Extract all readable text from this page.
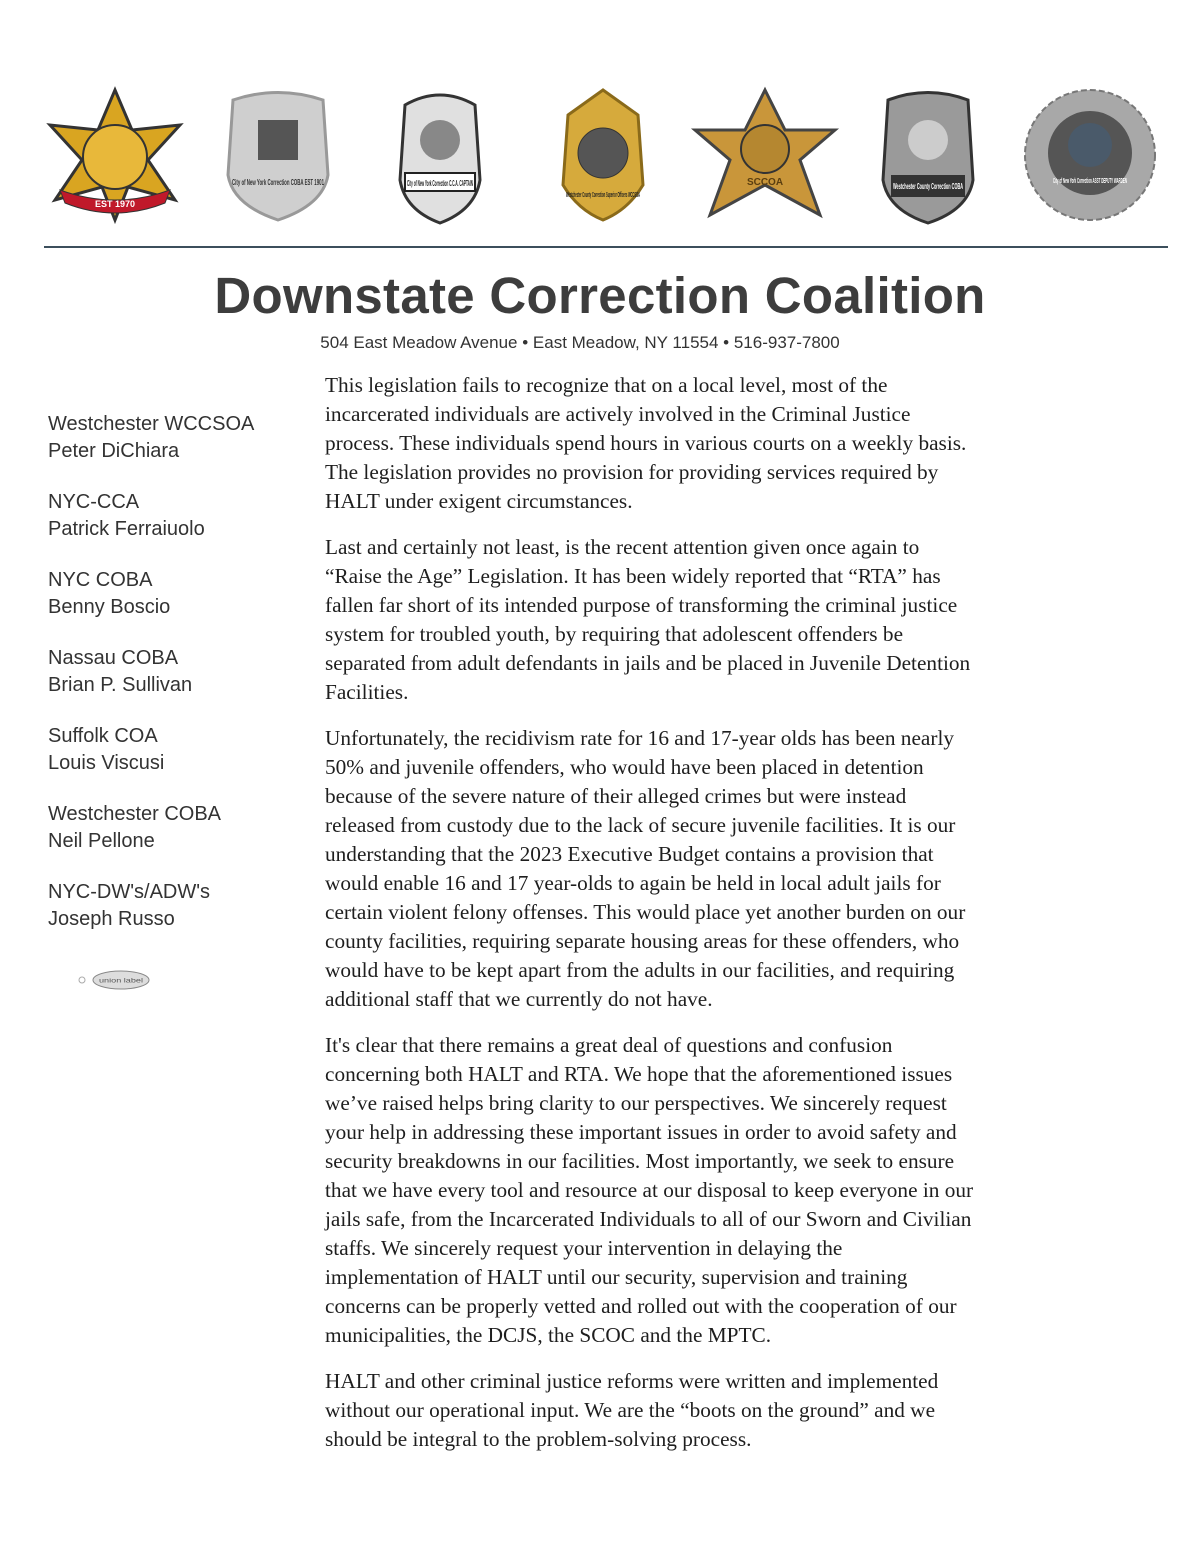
EST 1970
City of New York Correction COBA EST 1901	City of New York Correction C.C.A. CAPTAIN
Westchester County Correction Superior Officers WCCSOA
SCCOA	Westchester County Correction COBA
City of New York Correction ASST DEPUTY WARDEN
Downstate Correction Coalition
504 East Meadow Avenue • East Meadow, NY 11554 • 516-937-7800
Westchester WCCSOA
Peter DiChiara
NYC-CCA
Patrick Ferraiuolo
NYC COBA
Benny Boscio
Nassau COBA
Brian P. Sullivan
Suffolk COA
Louis Viscusi
Westchester COBA
Neil Pellone
NYC-DW's/ADW's
Joseph Russo
union label

This legislation fails to recognize that on a local level, most of the
incarcerated individuals are actively involved in the Criminal Justice
process. These individuals spend hours in various courts on a weekly basis.
The legislation provides no provision for providing services required by
HALT under exigent circumstances.

Last and certainly not least, is the recent attention given once again to
“Raise the Age” Legislation. It has been widely reported that “RTA” has
fallen far short of its intended purpose of transforming the criminal justice
system for troubled youth, by requiring that adolescent offenders be
separated from adult defendants in jails and be placed in Juvenile Detention
Facilities.

Unfortunately, the recidivism rate for 16 and 17-year olds has been nearly
50% and juvenile offenders, who would have been placed in detention
because of the severe nature of their alleged crimes but were instead
released from custody due to the lack of secure juvenile facilities. It is our
understanding that the 2023 Executive Budget contains a provision that
would enable 16 and 17 year-olds to again be held in local adult jails for
certain violent felony offenses. This would place yet another burden on our
county facilities, requiring separate housing areas for these offenders, who
would have to be kept apart from the adults in our facilities, and requiring
additional staff that we currently do not have.

It's clear that there remains a great deal of questions and confusion
concerning both HALT and RTA. We hope that the aforementioned issues
we’ve raised helps bring clarity to our perspectives. We sincerely request
your help in addressing these important issues in order to avoid safety and
security breakdowns in our facilities. Most importantly, we seek to ensure
that we have every tool and resource at our disposal to keep everyone in our
jails safe, from the Incarcerated Individuals to all of our Sworn and Civilian
staffs. We sincerely request your intervention in delaying the
implementation of HALT until our security, supervision and training
concerns can be properly vetted and rolled out with the cooperation of our
municipalities, the DCJS, the SCOC and the MPTC.

HALT and other criminal justice reforms were written and implemented
without our operational input. We are the “boots on the ground” and we
should be integral to the problem-solving process.
